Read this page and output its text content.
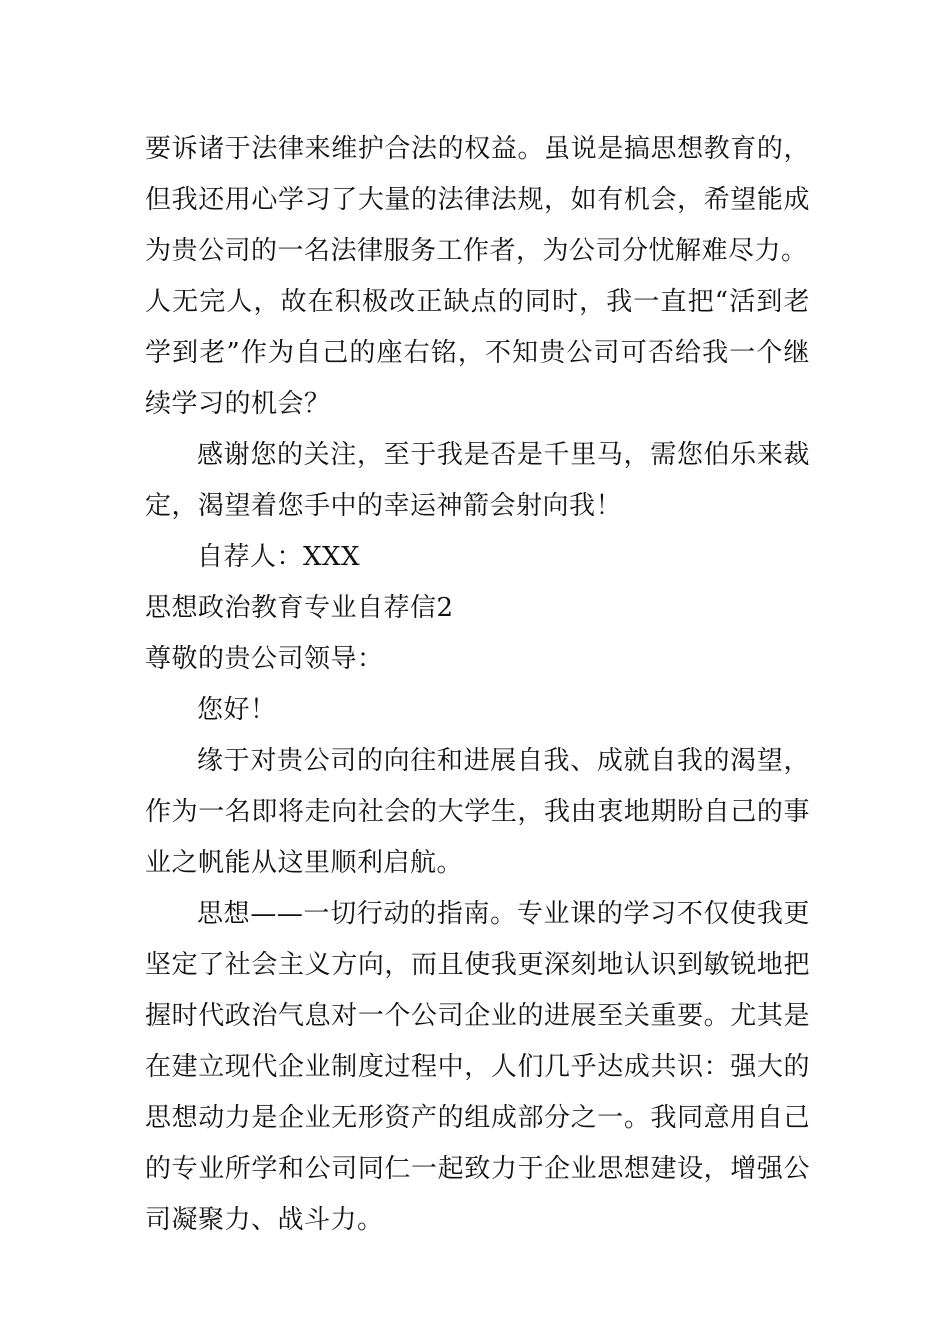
要诉诸于法律来维护合法的权益。虽说是搞思想教育的，但我还用心学习了大量的法律法规，如有机会，希望能成为贵公司的一名法律服务工作者，为公司分忧解难尽力。

人无完人，故在积极改正缺点的同时，我一直把“活到老学到老”作为自己的座右铭，不知贵公司可否给我一个继续学习的机会？

感谢您的关注，至于我是否是千里马，需您伯乐来裁定，渴望着您手中的幸运神箭会射向我！

自荐人：XXX

思想政治教育专业自荐信2

尊敬的贵公司领导：

您好！

缘于对贵公司的向往和进展自我、成就自我的渴望，作为一名即将走向社会的大学生，我由衷地期盼自己的事业之帆能从这里顺利启航。

思想——一切行动的指南。专业课的学习不仅使我更坚定了社会主义方向，而且使我更深刻地认识到敏锐地把握时代政治气息对一个公司企业的进展至关重要。尤其是在建立现代企业制度过程中，人们几乎达成共识：强大的思想动力是企业无形资产的组成部分之一。我同意用自己的专业所学和公司同仁一起致力于企业思想建设，增强公司凝聚力、战斗力。
